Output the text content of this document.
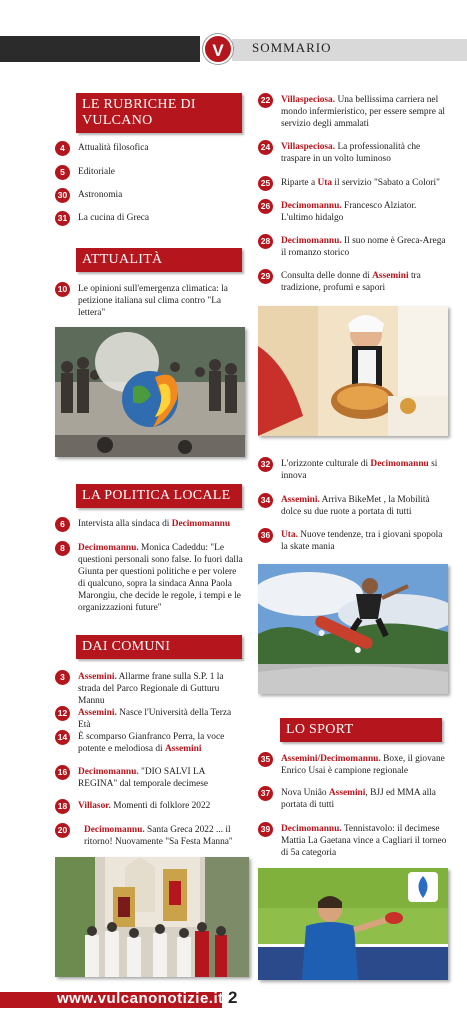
V	SOMMARIO
LE RUBRICHE DI VULCANO
4	Attualità filosofica
5	Editoriale
30 Astronomia
31 La cucina di Greca
ATTUALITÀ
10 Le opinioni sull'emergenza climatica: la petizione italiana sul clima contro "La lettera"
LA POLITICA LOCALE
6	Intervista alla sindaca di Decimomannu
8	Decimomannu. Monica Cadeddu: "Le questioni personali sono false. Io fuori dalla Giunta per questioni politiche e per volere di qualcuno, sopra la sindaca Anna Paola Marongiu, che decide le regole, i tempi e le organizzazioni future"
DAI COMUNI
3	Assemini. Allarme frane sulla S.P. 1 la strada del Parco Regionale di Gutturu Mannu
12 Assemini. Nasce l'Università della Terza Età
14 È scomparso Gianfranco Perra, la voce potente e melodiosa di Assemini
16 Decimomannu. "DIO SALVI LA REGINA" dal temporale decimese
18 Villasor. Momenti di folklore 2022
20	Decimomannu. Santa Greca 2022 ... il ritorno! Nuovamente "Sa Festa Manna"
22 Villaspeciosa. Una bellissima carriera nel mondo infermieristico, per essere sempre al servizio degli ammalati
24 Villaspeciosa. La professionalità che traspare in un volto luminoso
25 Riparte a Uta il servizio "Sabato a Colori"
26 Decimomannu. Francesco Alziator. L'ultimo hidalgo
28 Decimomannu. Il suo nome è Greca-Arega il romanzo storico
29 Consulta delle donne di Assemini tra tradizione, profumi e sapori
32 L'orizzonte culturale di Decimomannu si innova
34 Assemini. Arriva BikeMet , la Mobilità dolce su due ruote a portata di tutti
36 Uta. Nuove tendenze, tra i giovani spopola la skate mania
LO SPORT
35 Assemini/Decimomannu. Boxe, il giovane Enrico Usai è campione regionale
37 Nova Uniâo Assemini, BJJ ed MMA alla portata di tutti
39 Decimomannu. Tennistavolo: il decimese Mattia La Gaetana vince a Cagliari il torneo di 5a categoria
www.vulcanonotizie.it 2
